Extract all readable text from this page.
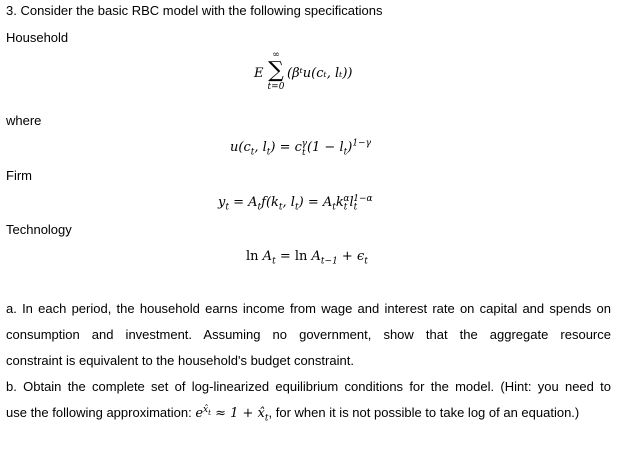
3. Consider the basic RBC model with the following specifications
Household
E
∞
∑
t=0
(βᵗu(cₜ, lₜ))
where
$u(c_t$, $l_t) = c_t^\gamma(1 - l_t)^{1-\gamma}$
Firm
$y_t = A_tf(k_t$, $l_t) = A_tk_t^\alpha l_t^{1-\alpha}$
Technology
$\ln A_t = \ln A_{t-1} + \epsilon_t$
a. In each period, the household earns income from wage and interest rate on capital and spends on
consumption and investment. Assuming no government, show that the aggregate resource
constraint is equivalent to the household's budget constraint.
b. Obtain the complete set of log-linearized equilibrium conditions for the model. (Hint: you need to
use the following approximation: $e^{x̂_t} \approx 1$ + $x̂_t$, for when it is not possible to take log of an equation.)
